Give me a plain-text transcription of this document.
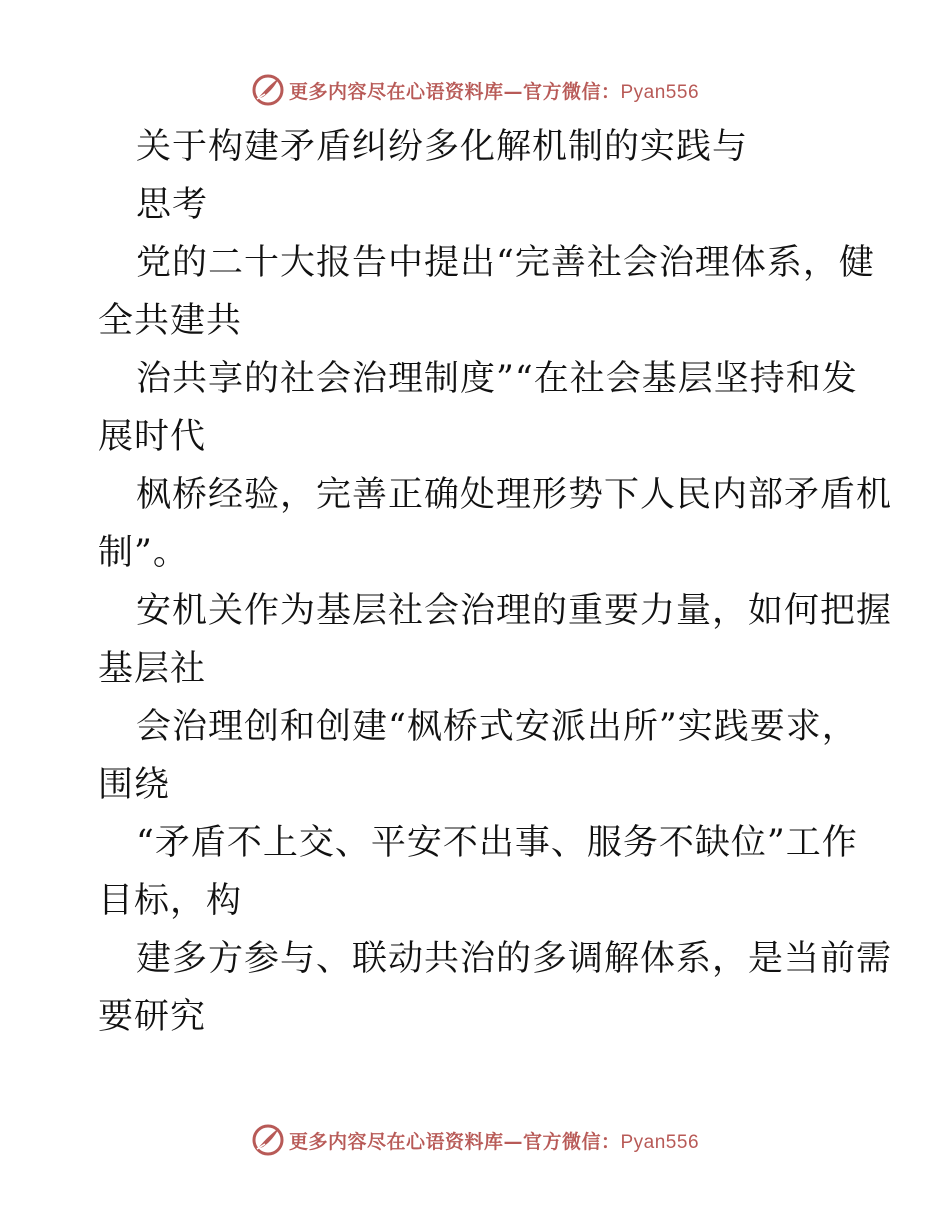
更多内容尽在心语资料库—官方微信：Pyan556
关于构建矛盾纠纷多化解机制的实践与
思考
党的二十大报告中提出“完善社会治理体系，健
全共建共
治共享的社会治理制度”“在社会基层坚持和发
展时代
枫桥经验，完善正确处理形势下人民内部矛盾机
制”。
安机关作为基层社会治理的重要力量，如何把握
基层社
会治理创和创建“枫桥式安派出所”实践要求，
围绕
“矛盾不上交、平安不出事、服务不缺位”工作
目标，构
建多方参与、联动共治的多调解体系，是当前需
要研究
更多内容尽在心语资料库—官方微信：Pyan556
